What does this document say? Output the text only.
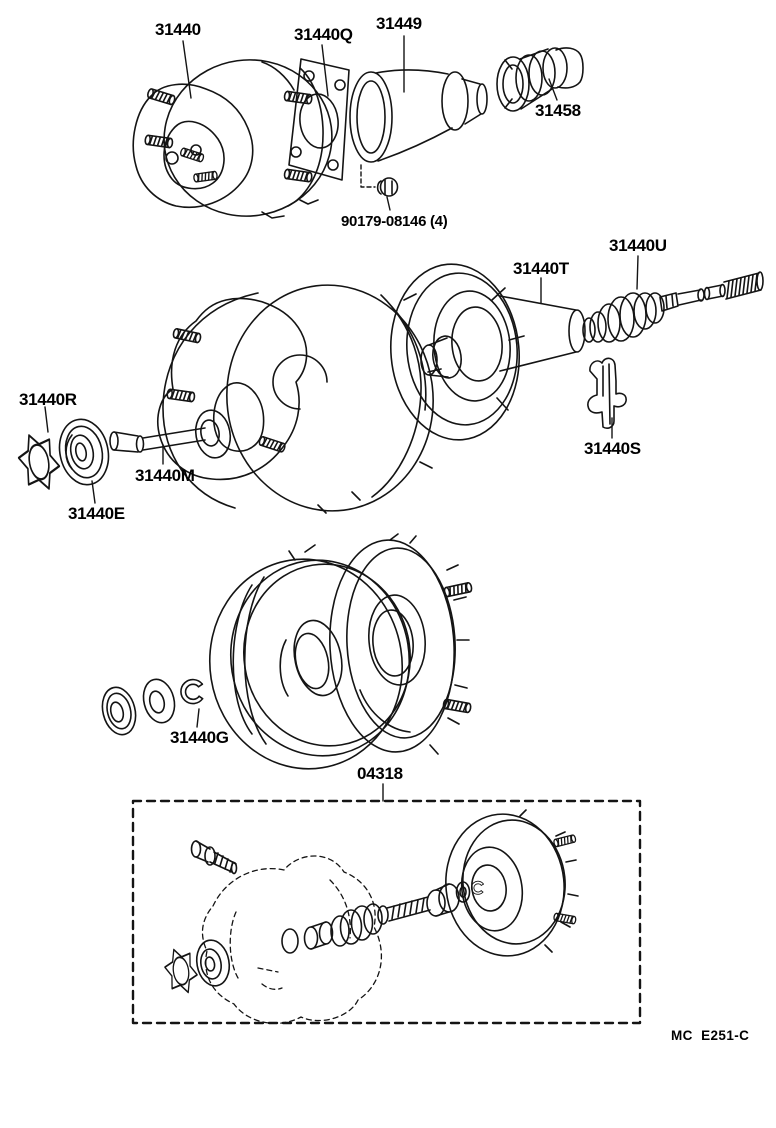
31440	31440Q
31449
31458
90179-08146 (4)
31440T
31440U
31440R
31440M
31440E
31440S
31440G
04318
MC  E251-C
